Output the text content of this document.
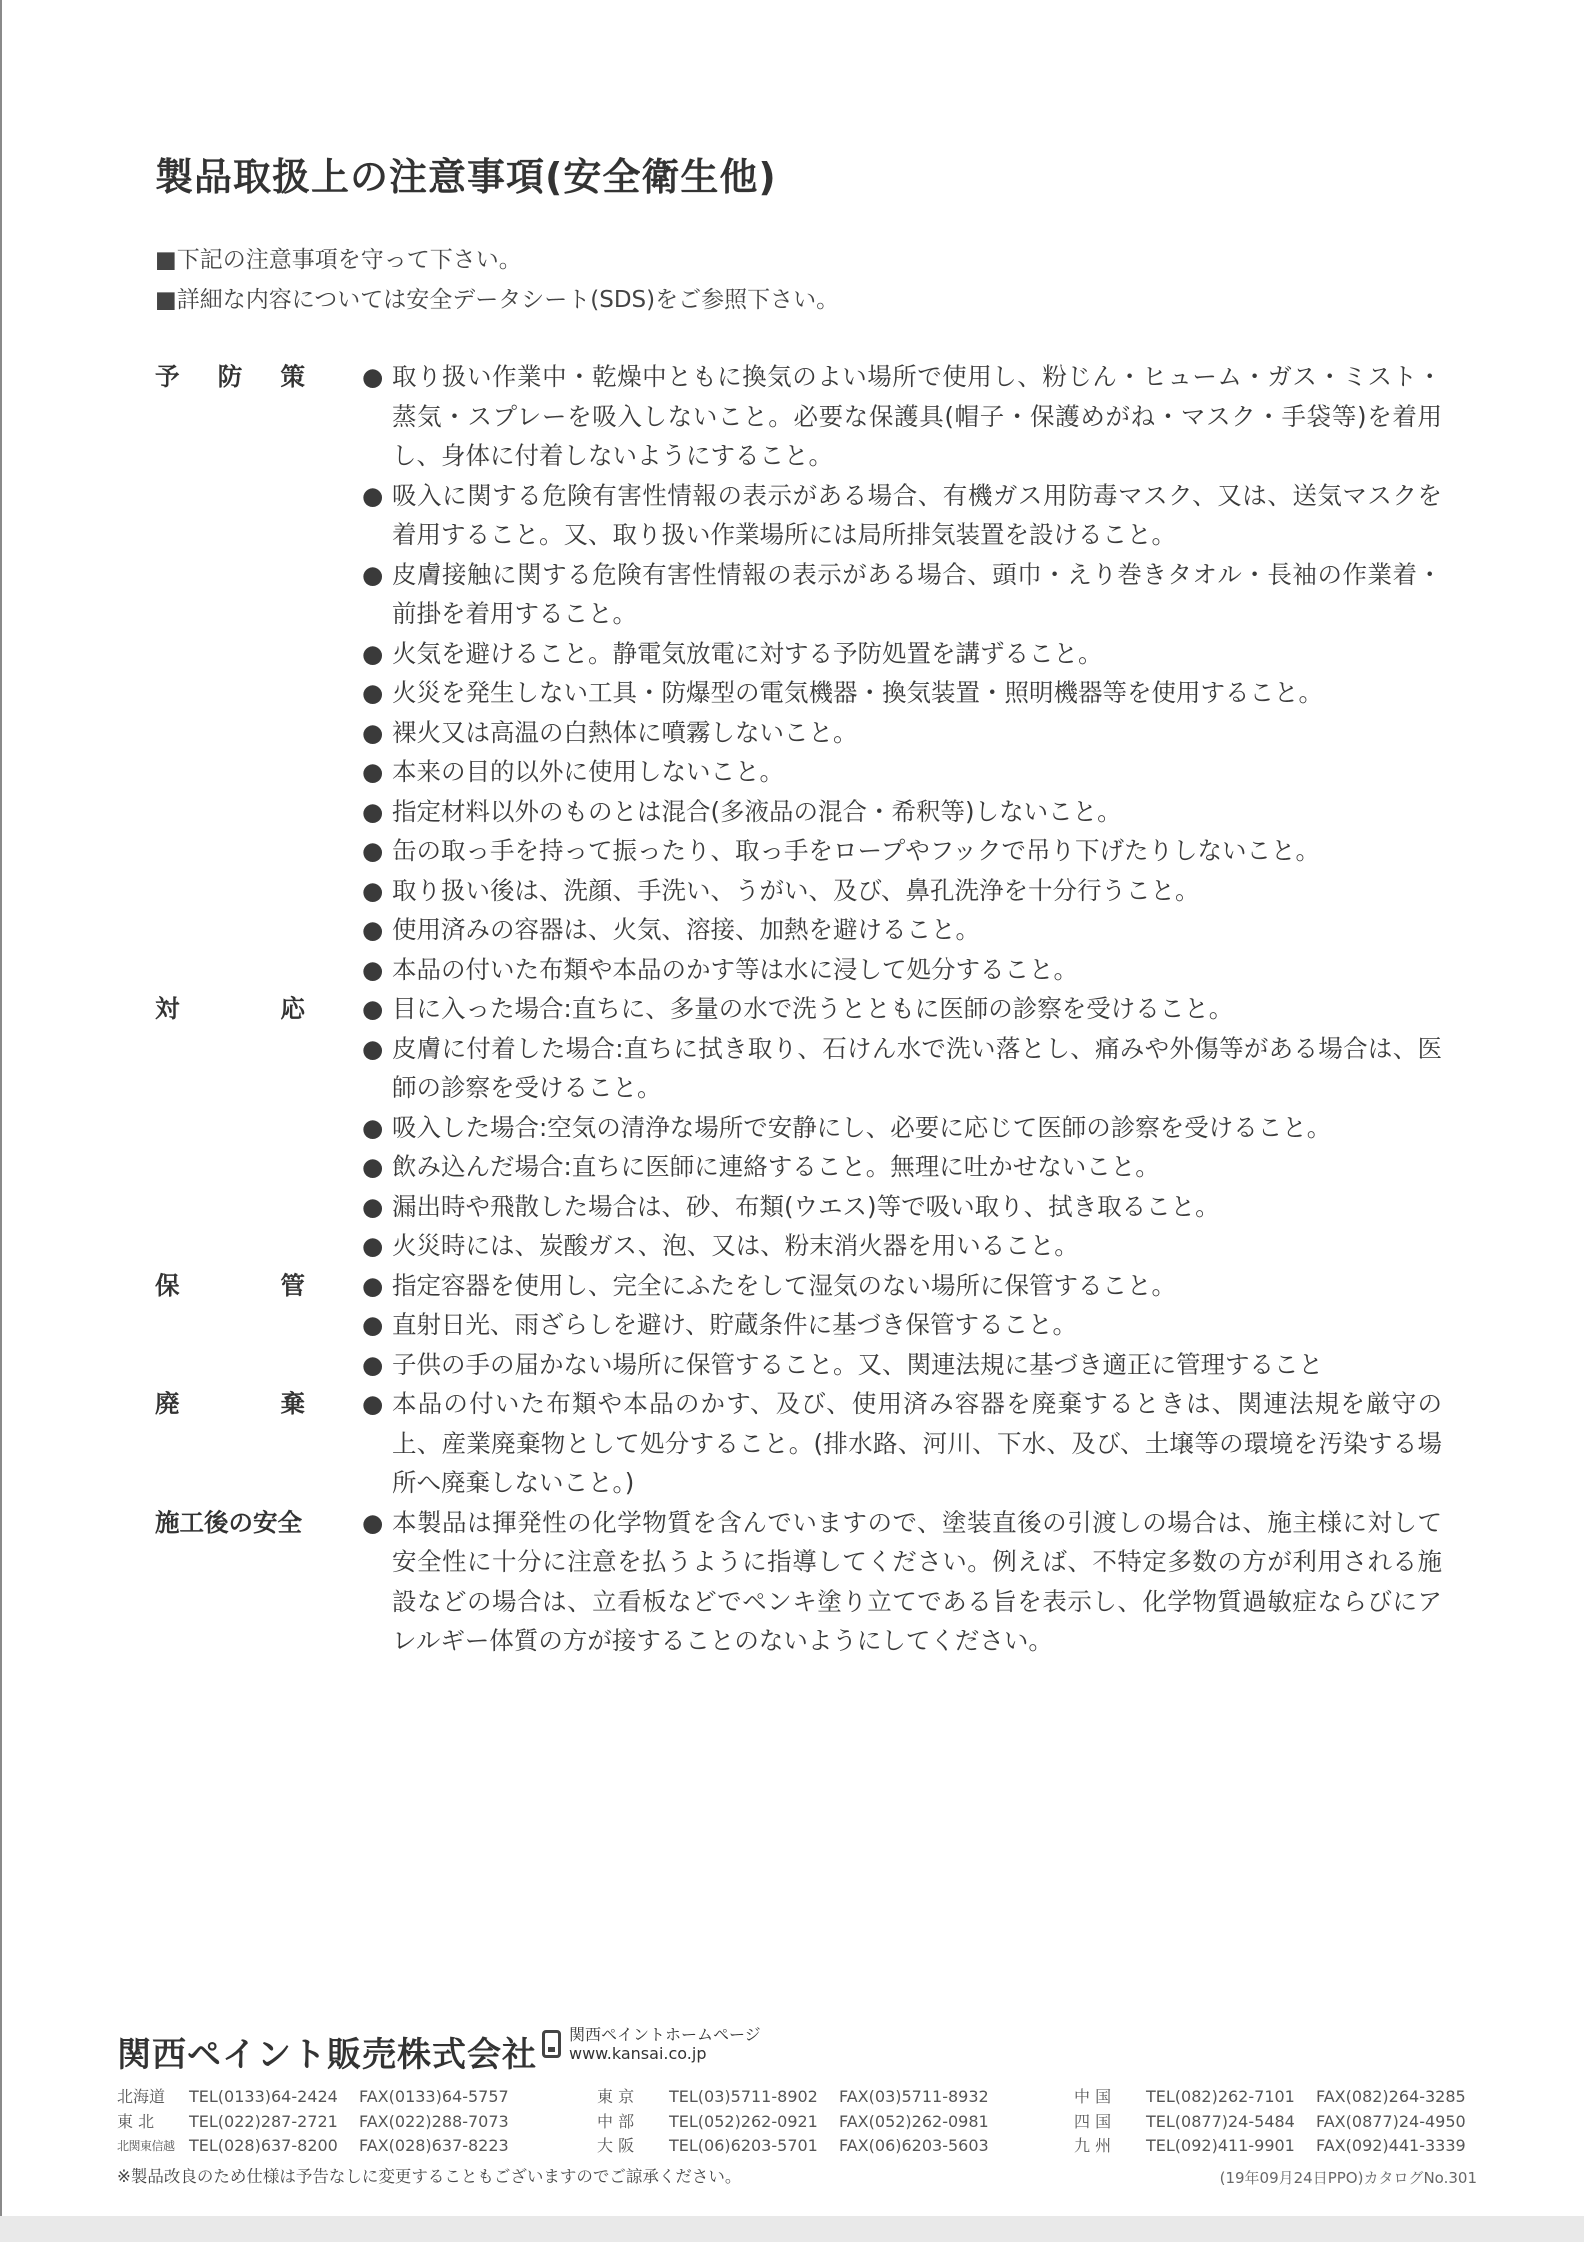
製品取扱上の注意事項(安全衛生他)
■下記の注意事項を守って下さい。
■詳細な内容については安全データシート(SDS)をご参照下さい。
予防策	● 取り扱い作業中・乾燥中ともに換気のよい場所で使用し、粉じん・ヒューム・ガス・ミスト・蒸気・スプレーを吸入しないこと。必要な保護具(帽子・保護めがね・マスク・手袋等)を着用し、身体に付着しないようにすること。
● 吸入に関する危険有害性情報の表示がある場合、有機ガス用防毒マスク、又は、送気マスクを着用すること。又、取り扱い作業場所には局所排気装置を設けること。
● 皮膚接触に関する危険有害性情報の表示がある場合、頭巾・えり巻きタオル・長袖の作業着・前掛を着用すること。
● 火気を避けること。静電気放電に対する予防処置を講ずること。
● 火災を発生しない工具・防爆型の電気機器・換気装置・照明機器等を使用すること。
● 裸火又は高温の白熱体に噴霧しないこと。
● 本来の目的以外に使用しないこと。
● 指定材料以外のものとは混合(多液品の混合・希釈等)しないこと。
● 缶の取っ手を持って振ったり、取っ手をロープやフックで吊り下げたりしないこと。
● 取り扱い後は、洗顔、手洗い、うがい、及び、鼻孔洗浄を十分行うこと。
● 使用済みの容器は、火気、溶接、加熱を避けること。
● 本品の付いた布類や本品のかす等は水に浸して処分すること。
対応	● 目に入った場合:直ちに、多量の水で洗うとともに医師の診察を受けること。
● 皮膚に付着した場合:直ちに拭き取り、石けん水で洗い落とし、痛みや外傷等がある場合は、医師の診察を受けること。
● 吸入した場合:空気の清浄な場所で安静にし、必要に応じて医師の診察を受けること。
● 飲み込んだ場合:直ちに医師に連絡すること。無理に吐かせないこと。
● 漏出時や飛散した場合は、砂、布類(ウエス)等で吸い取り、拭き取ること。
● 火災時には、炭酸ガス、泡、又は、粉末消火器を用いること。
保管	● 指定容器を使用し、完全にふたをして湿気のない場所に保管すること。
● 直射日光、雨ざらしを避け、貯蔵条件に基づき保管すること。
● 子供の手の届かない場所に保管すること。又、関連法規に基づき適正に管理すること
廃棄	● 本品の付いた布類や本品のかす、及び、使用済み容器を廃棄するときは、関連法規を厳守の上、産業廃棄物として処分すること。(排水路、河川、下水、及び、土壌等の環境を汚染する場所へ廃棄しないこと。)
施工後の安全	● 本製品は揮発性の化学物質を含んでいますので、塗装直後の引渡しの場合は、施主様に対して安全性に十分に注意を払うように指導してください。例えば、不特定多数の方が利用される施設などの場合は、立看板などでペンキ塗り立てである旨を表示し、化学物質過敏症ならびにアレルギー体質の方が接することのないようにしてください。
関西ペイント販売株式会社
関西ペイントホームページ
www.kansai.co.jp
北海道	TEL(0133)64-2424	FAX(0133)64-5757
東 北	TEL(022)287-2721	FAX(022)288-7073
北関東信越 TEL(028)637-8200	FAX(028)637-8223
東 京	TEL(03)5711-8902	FAX(03)5711-8932
中 部	TEL(052)262-0921	FAX(052)262-0981
大 阪	TEL(06)6203-5701	FAX(06)6203-5603
中 国	TEL(082)262-7101	FAX(082)264-3285
四 国	TEL(0877)24-5484	FAX(0877)24-4950
九 州	TEL(092)411-9901	FAX(092)441-3339
※製品改良のため仕様は予告なしに変更することもございますのでご諒承ください。	(19年09月24日PPO)カタログNo.301
